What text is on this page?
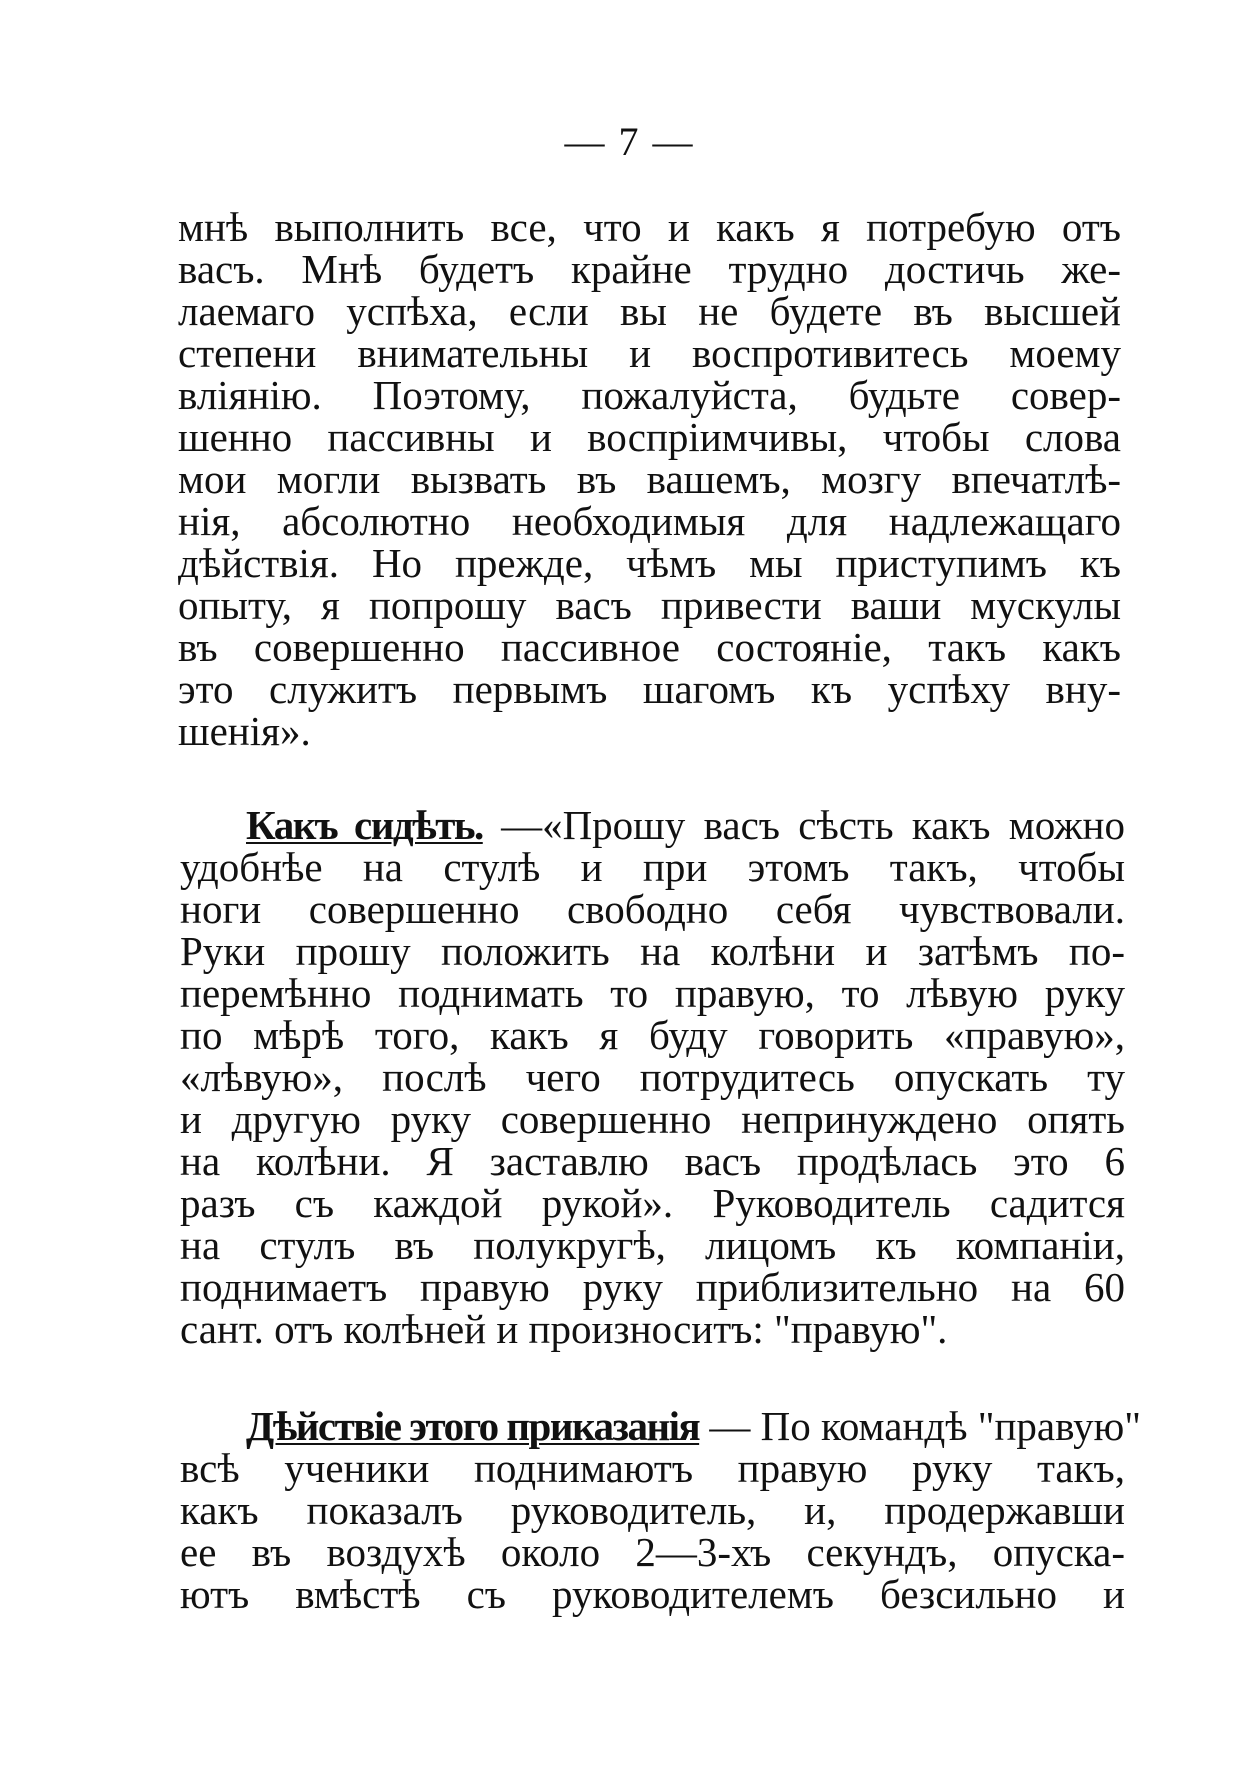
— 7 —
мнѣ выполнить все, что и какъ я потребую отъ
васъ. Мнѣ будетъ крайне трудно достичь же-
лаемаго успѣха, если вы не будете въ высшей
степени внимательны и воспротивитесь моему
вліянію. Поэтому, пожалуйста, будьте совер-
шенно пассивны и воспріимчивы, чтобы слова
мои могли вызвать въ вашемъ, мозгу впечатлѣ-
нія, абсолютно необходимыя для надлежащаго
дѣйствія. Но прежде, чѣмъ мы приступимъ къ
опыту, я попрошу васъ привести ваши мускулы
въ совершенно пассивное состояніе, такъ какъ
это служитъ первымъ шагомъ къ успѣху вну-
шенія».
Какъ сидѣть. —«Прошу васъ сѣсть какъ можно
удобнѣе на стулѣ и при этомъ такъ, чтобы
ноги совершенно свободно себя чувствовали.
Руки прошу положить на колѣни и затѣмъ по-
перемѣнно поднимать то правую, то лѣвую руку
по мѣрѣ того, какъ я буду говорить «правую»,
«лѣвую», послѣ чего потрудитесь опускать ту
и другую руку совершенно непринуждено опять
на колѣни. Я заставлю васъ продѣлась это 6
разъ съ каждой рукой». Руководитель садится
на стулъ въ полукругѣ, лицомъ къ компаніи,
поднимаетъ правую руку приблизительно на 60
сант. отъ колѣней и произноситъ: "правую".
Дѣйствіе этого приказанія — По командѣ "правую"
всѣ ученики поднимаютъ правую руку такъ,
какъ показалъ руководитель, и, продержавши
ее въ воздухѣ около 2—3-хъ секундъ, опуска-
ютъ вмѣстѣ съ руководителемъ безсильно и
